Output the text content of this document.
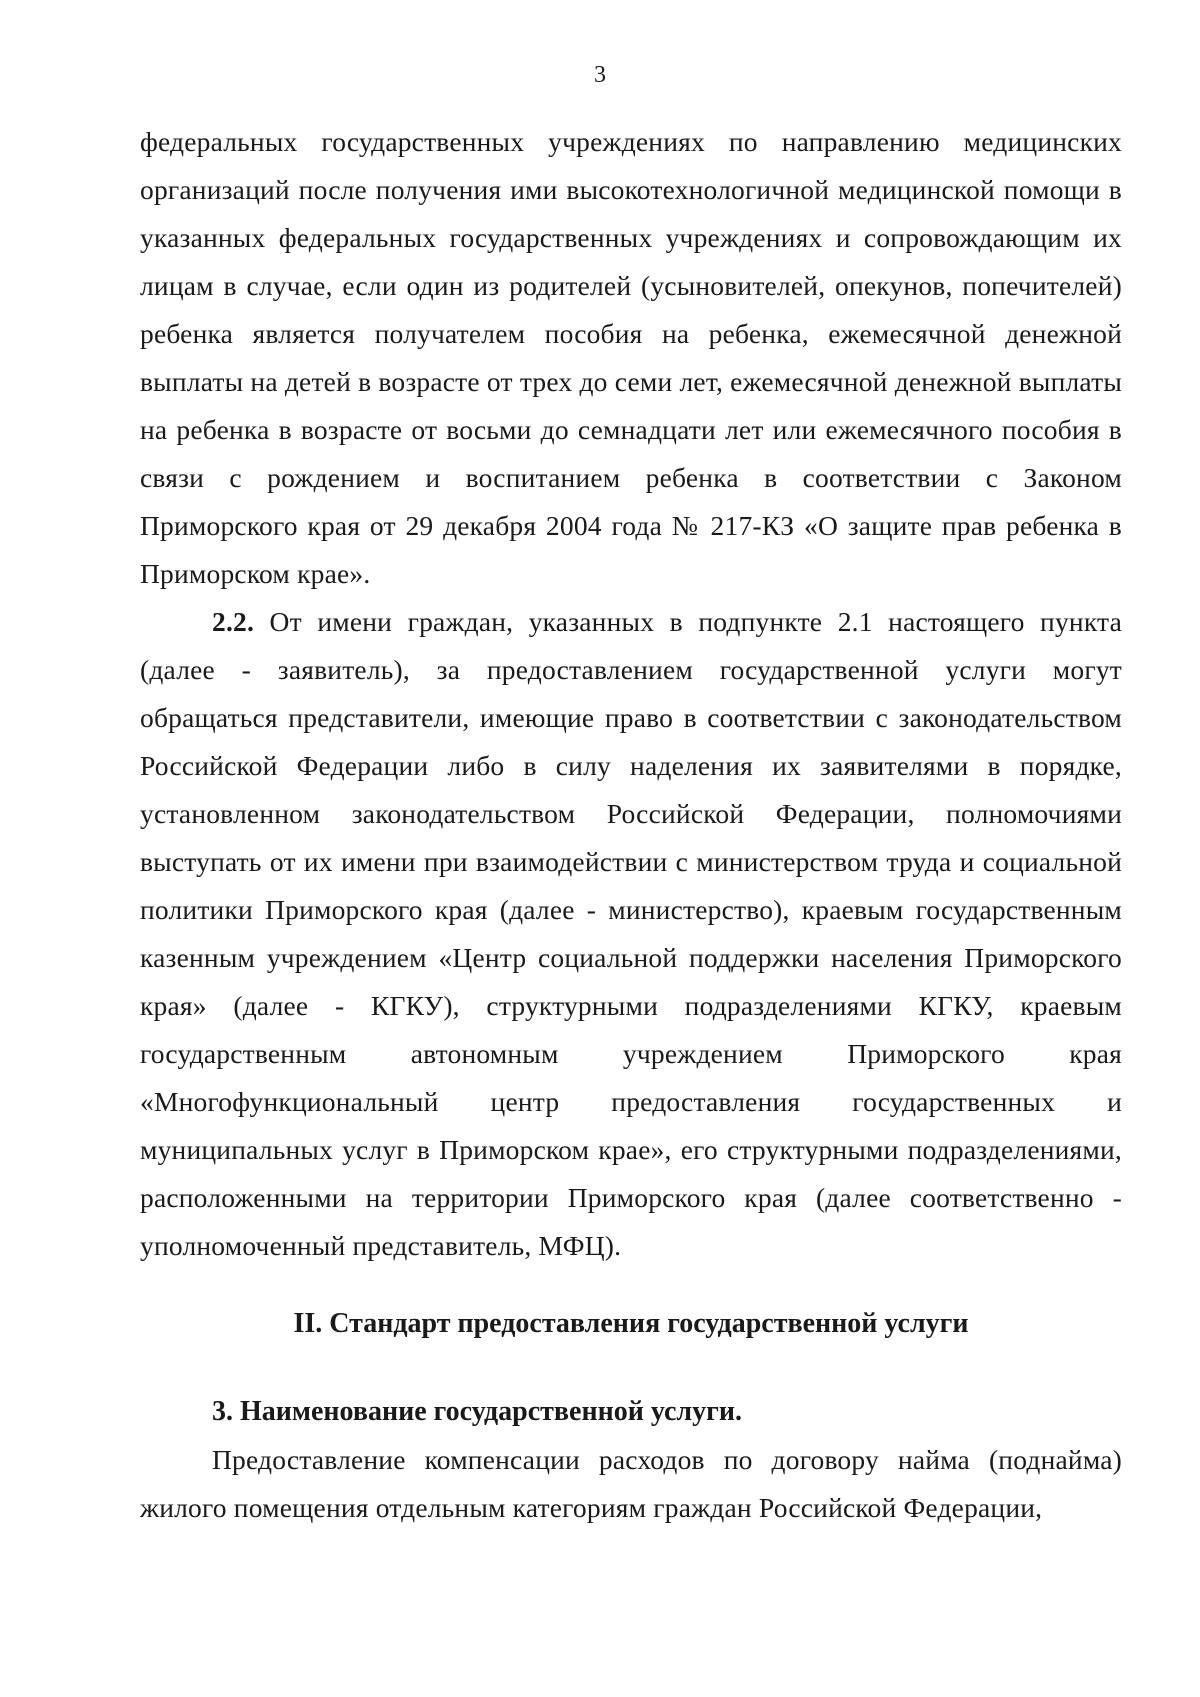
3

федеральных государственных учреждениях по направлению медицинских организаций после получения ими высокотехнологичной медицинской помощи в указанных федеральных государственных учреждениях и сопровождающим их лицам в случае, если один из родителей (усыновителей, опекунов, попечителей) ребенка является получателем пособия на ребенка, ежемесячной денежной выплаты на детей в возрасте от трех до семи лет, ежемесячной денежной выплаты на ребенка в возрасте от восьми до семнадцати лет или ежемесячного пособия в связи с рождением и воспитанием ребенка в соответствии с Законом Приморского края от 29 декабря 2004 года № 217-КЗ «О защите прав ребенка в Приморском крае».

2.2. От имени граждан, указанных в подпункте 2.1 настоящего пункта (далее - заявитель), за предоставлением государственной услуги могут обращаться представители, имеющие право в соответствии с законодательством Российской Федерации либо в силу наделения их заявителями в порядке, установленном законодательством Российской Федерации, полномочиями выступать от их имени при взаимодействии с министерством труда и социальной политики Приморского края (далее - министерство), краевым государственным казенным учреждением «Центр социальной поддержки населения Приморского края» (далее - КГКУ), структурными подразделениями КГКУ, краевым государственным автономным учреждением Приморского края «Многофункциональный центр предоставления государственных и муниципальных услуг в Приморском крае», его структурными подразделениями, расположенными на территории Приморского края (далее соответственно - уполномоченный представитель, МФЦ).

II. Стандарт предоставления государственной услуги
3. Наименование государственной услуги.

Предоставление компенсации расходов по договору найма (поднайма) жилого помещения отдельным категориям граждан Российской Федерации,
